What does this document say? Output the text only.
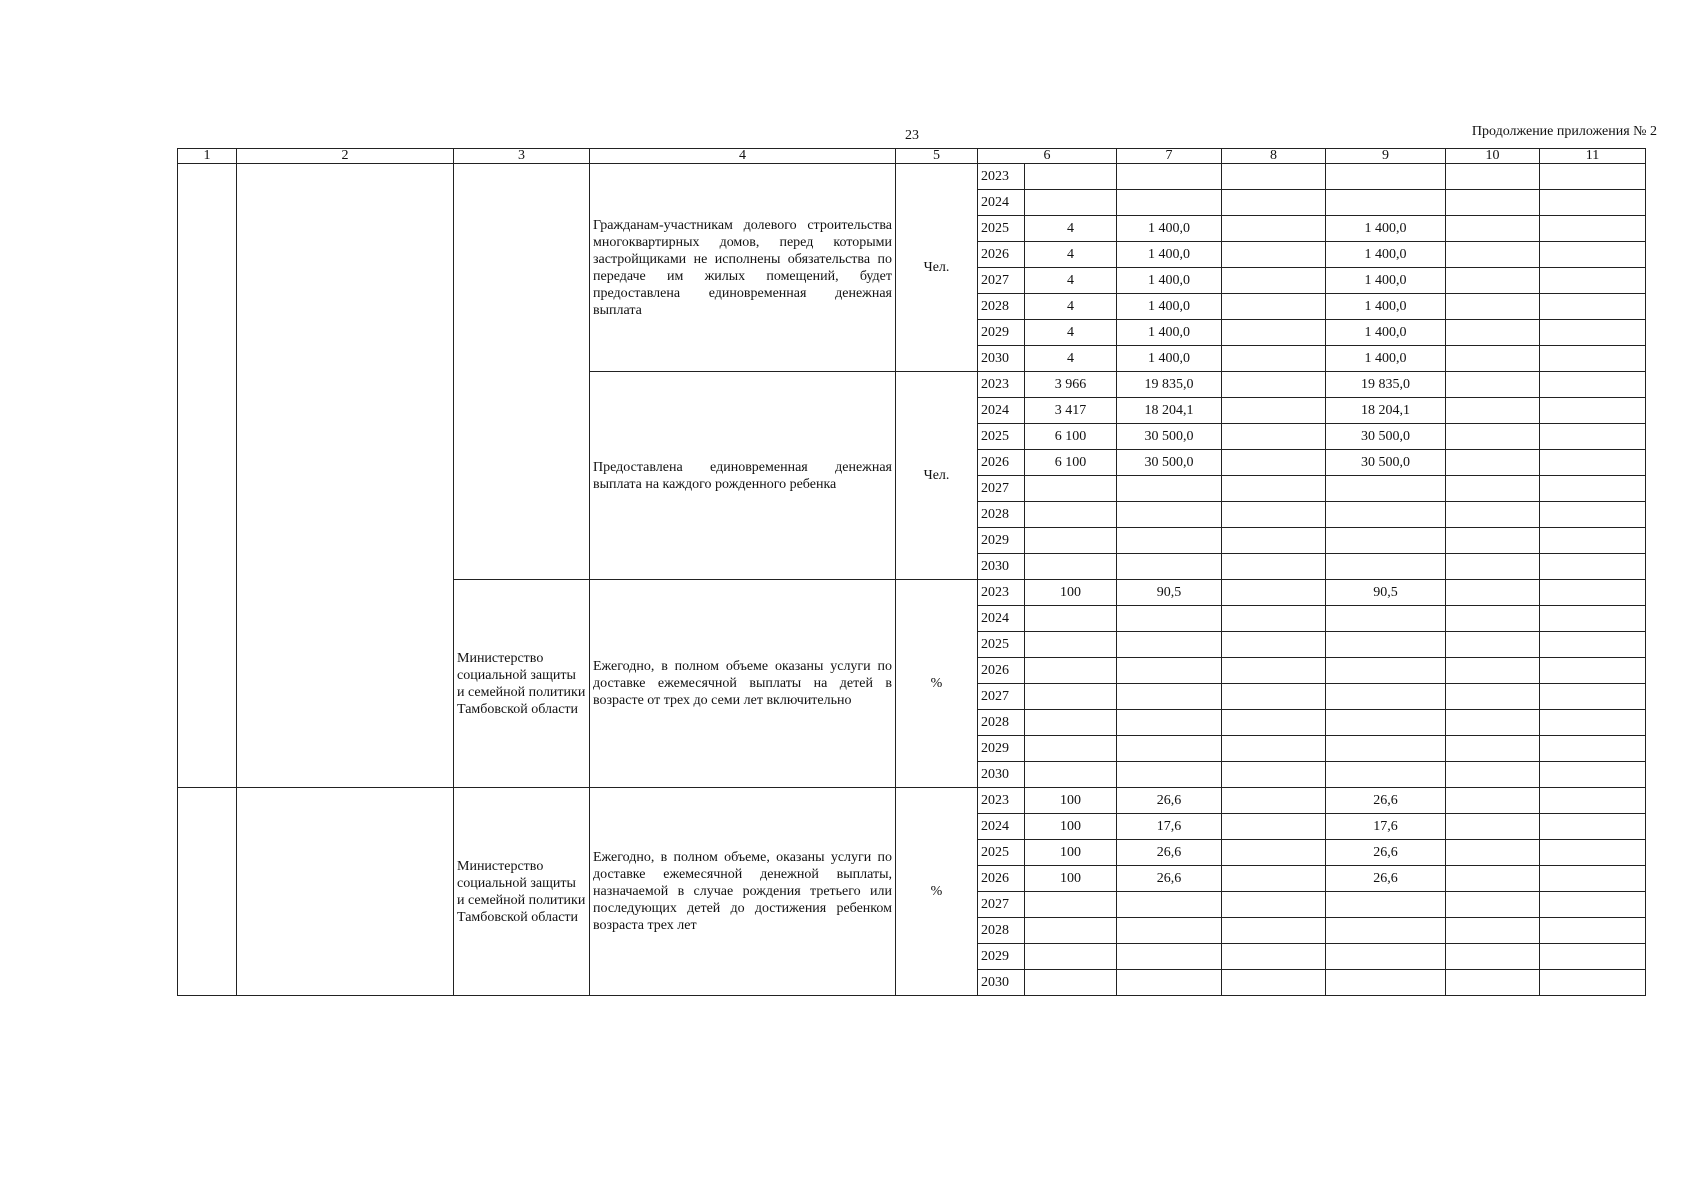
23	Продолжение приложения № 2
1	2	3	4	5	6		7	8	9	10	11
			Гражданам-участникам долевого строительства многоквартирных домов, перед которыми застройщиками не исполнены обязательства по передаче им жилых помещений, будет предоставлена единовременная денежная выплата	Чел.	2023						
					2024						
					2025	4	1 400,0		1 400,0		
					2026	4	1 400,0		1 400,0		
					2027	4	1 400,0		1 400,0		
					2028	4	1 400,0		1 400,0		
					2029	4	1 400,0		1 400,0		
					2030	4	1 400,0		1 400,0		
			Предоставлена единовременная денежная выплата на каждого рожденного ребенка	Чел.	2023	3 966	19 835,0		19 835,0		
					2024	3 417	18 204,1		18 204,1		
					2025	6 100	30 500,0		30 500,0		
					2026	6 100	30 500,0		30 500,0		
					2027						
					2028						
					2029						
					2030						
		Министерство социальной защиты и семейной политики Тамбовской области	Ежегодно, в полном объеме оказаны услуги по доставке ежемесячной выплаты на детей в возрасте от трех до семи лет включительно	%	2023	100	90,5		90,5		
					2024						
					2025						
					2026						
					2027						
					2028						
					2029						
					2030						
		Министерство социальной защиты и семейной политики Тамбовской области	Ежегодно, в полном объеме, оказаны услуги по доставке ежемесячной денежной выплаты, назначаемой в случае рождения третьего или последующих детей до достижения ребенком возраста трех лет	%	2023	100	26,6		26,6		
					2024	100	17,6		17,6		
					2025	100	26,6		26,6		
					2026	100	26,6		26,6		
					2027						
					2028						
					2029						
					2030						
